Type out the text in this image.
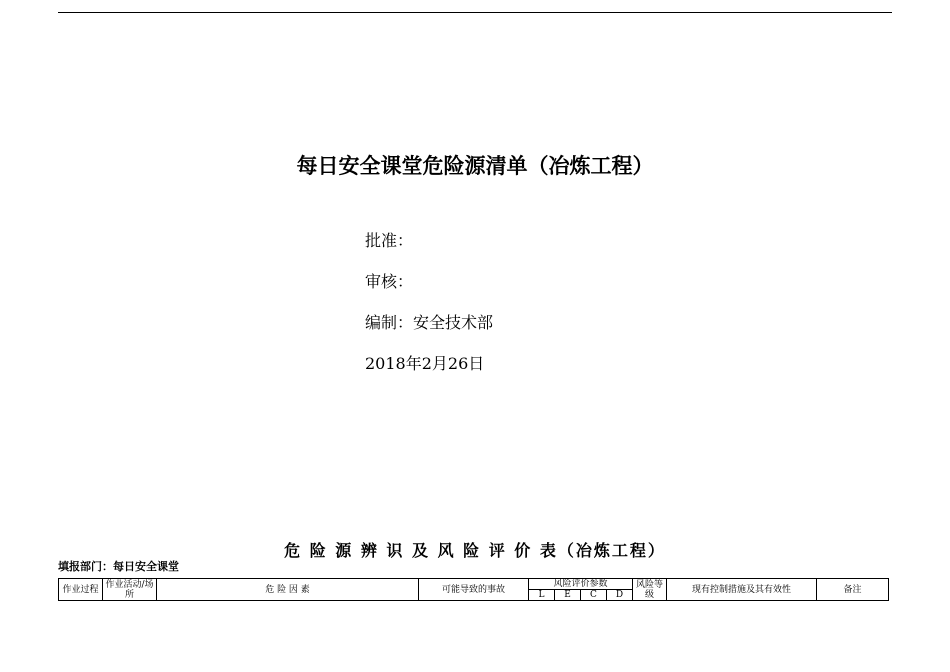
每日安全课堂危险源清单（冶炼工程）
批准：
审核：
编制：安全技术部
2018年2月26日
危 险 源 辨 识 及 风 险 评 价 表（冶炼工程）
填报部门：每日安全课堂
作业过程	作业活动/场所	危 险 因 素	可能导致的事故	风险评价参数				风险等级	现有控制措施及其有效性	备注
				L	E	C	D			
